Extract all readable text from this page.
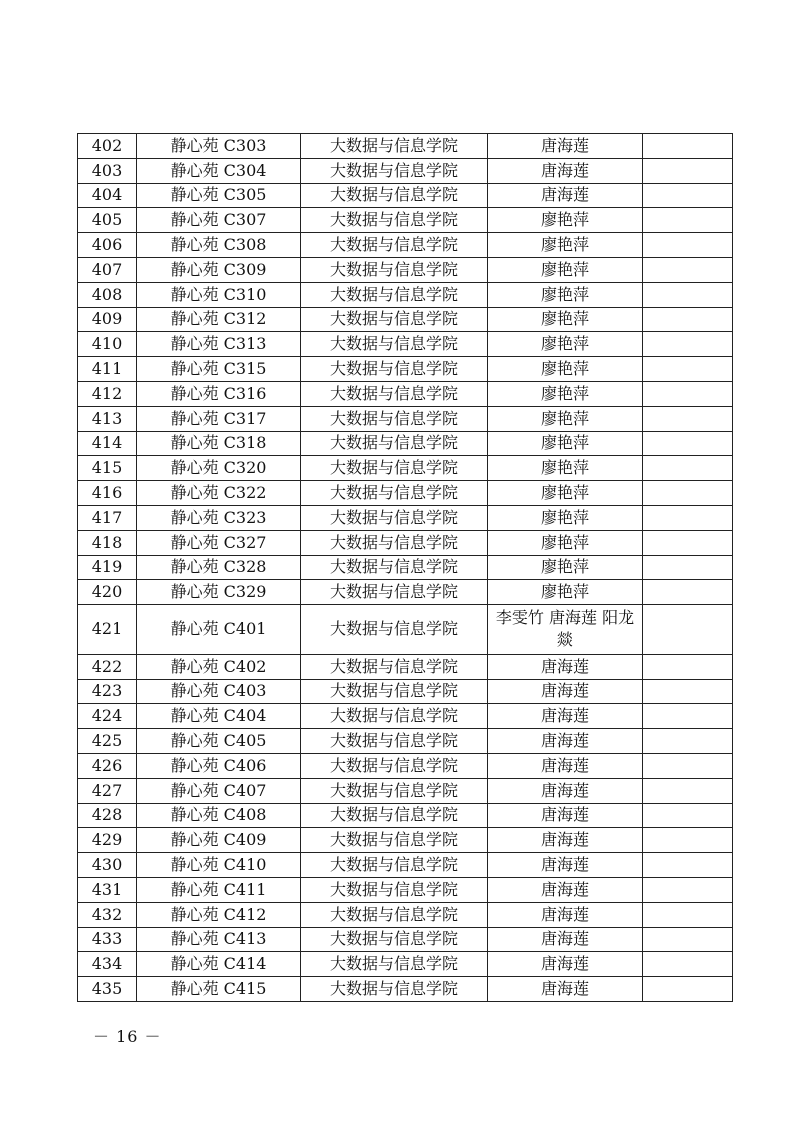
402	静心苑 C303	大数据与信息学院	唐海莲	
403	静心苑 C304	大数据与信息学院	唐海莲	
404	静心苑 C305	大数据与信息学院	唐海莲	
405	静心苑 C307	大数据与信息学院	廖艳萍	
406	静心苑 C308	大数据与信息学院	廖艳萍	
407	静心苑 C309	大数据与信息学院	廖艳萍	
408	静心苑 C310	大数据与信息学院	廖艳萍	
409	静心苑 C312	大数据与信息学院	廖艳萍	
410	静心苑 C313	大数据与信息学院	廖艳萍	
411	静心苑 C315	大数据与信息学院	廖艳萍	
412	静心苑 C316	大数据与信息学院	廖艳萍	
413	静心苑 C317	大数据与信息学院	廖艳萍	
414	静心苑 C318	大数据与信息学院	廖艳萍	
415	静心苑 C320	大数据与信息学院	廖艳萍	
416	静心苑 C322	大数据与信息学院	廖艳萍	
417	静心苑 C323	大数据与信息学院	廖艳萍	
418	静心苑 C327	大数据与信息学院	廖艳萍	
419	静心苑 C328	大数据与信息学院	廖艳萍	
420	静心苑 C329	大数据与信息学院	廖艳萍	
421	静心苑 C401	大数据与信息学院	李雯竹 唐海莲 阳龙燚	
422	静心苑 C402	大数据与信息学院	唐海莲	
423	静心苑 C403	大数据与信息学院	唐海莲	
424	静心苑 C404	大数据与信息学院	唐海莲	
425	静心苑 C405	大数据与信息学院	唐海莲	
426	静心苑 C406	大数据与信息学院	唐海莲	
427	静心苑 C407	大数据与信息学院	唐海莲	
428	静心苑 C408	大数据与信息学院	唐海莲	
429	静心苑 C409	大数据与信息学院	唐海莲	
430	静心苑 C410	大数据与信息学院	唐海莲	
431	静心苑 C411	大数据与信息学院	唐海莲	
432	静心苑 C412	大数据与信息学院	唐海莲	
433	静心苑 C413	大数据与信息学院	唐海莲	
434	静心苑 C414	大数据与信息学院	唐海莲	
435	静心苑 C415	大数据与信息学院	唐海莲	
－ 16 －
